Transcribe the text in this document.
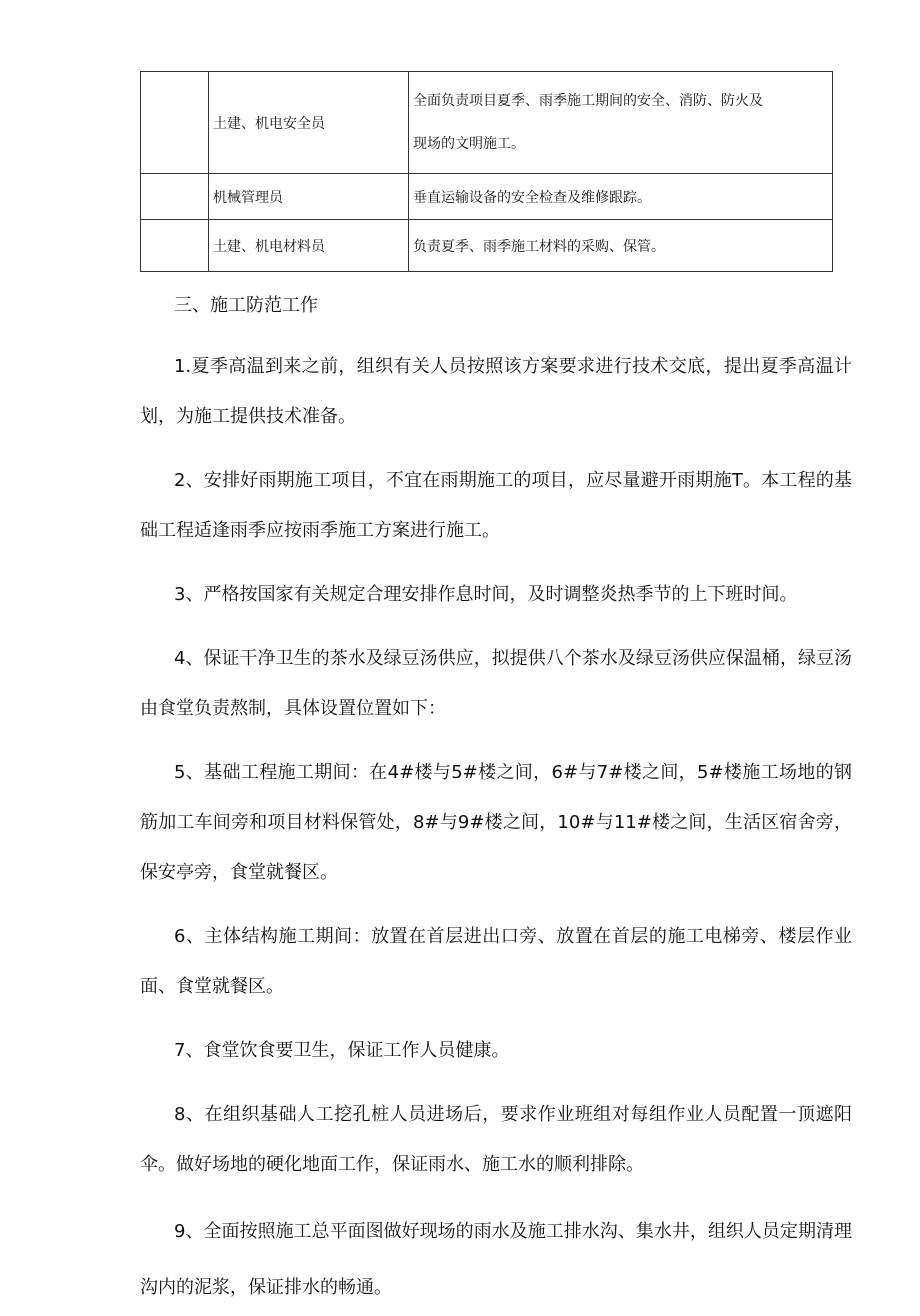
	土建、机电安全员	全面负责项目夏季、雨季施工期间的安全、消防、防火及
现场的文明施工。

	机械管理员	垂直运输设备的安全检查及维修跟踪。
	土建、机电材料员	负责夏季、雨季施工材料的采购、保管。
三、施工防范工作

1.夏季高温到来之前，组织有关人员按照该方案要求进行技术交底，提出夏季高温计划，为施工提供技术准备。

2、安排好雨期施工项目，不宜在雨期施工的项目，应尽量避开雨期施T。本工程的基础工程适逢雨季应按雨季施工方案进行施工。

3、严格按国家有关规定合理安排作息时间，及时调整炎热季节的上下班时间。

4、保证干净卫生的茶水及绿豆汤供应，拟提供八个茶水及绿豆汤供应保温桶，绿豆汤由食堂负责熬制，具体设置位置如下：

5、基础工程施工期间：在4#楼与5#楼之间，6#与7#楼之间，5#楼施工场地的钢筋加工车间旁和项目材料保管处，8#与9#楼之间，10#与11#楼之间，生活区宿舍旁，保安亭旁，食堂就餐区。

6、主体结构施工期间：放置在首层进出口旁、放置在首层的施工电梯旁、楼层作业面、食堂就餐区。

7、食堂饮食要卫生，保证工作人员健康。

8、在组织基础人工挖孔桩人员进场后，要求作业班组对每组作业人员配置一顶遮阳伞。做好场地的硬化地面工作，保证雨水、施工水的顺利排除。

9、全面按照施工总平面图做好现场的雨水及施工排水沟、集水井，组织人员定期清理沟内的泥浆，保证排水的畅通。
